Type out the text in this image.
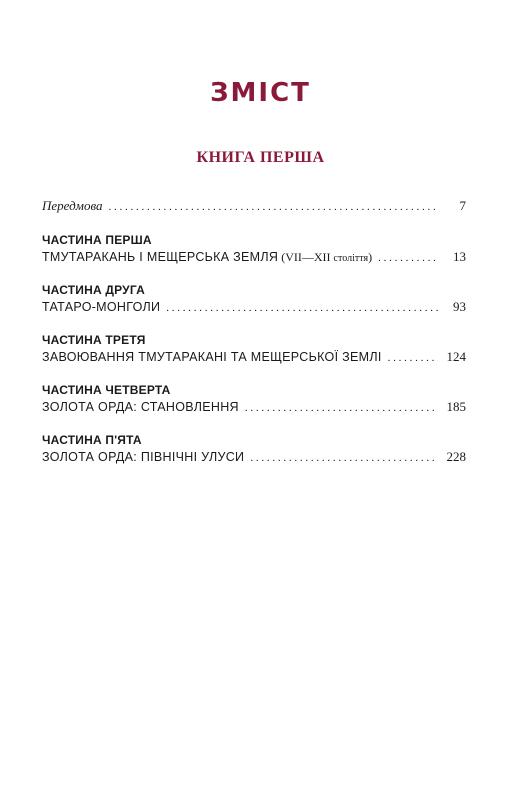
ЗМІСТ
КНИГА ПЕРША
Передмова . . .	7
ЧАСТИНА ПЕРША
ТМУТАРАКАНЬ І МЕЩЕРСЬКА ЗЕМЛЯ (VII—XII століття) . . .	13
ЧАСТИНА ДРУГА
ТАТАРО-МОНГОЛИ . . .	93
ЧАСТИНА ТРЕТЯ
ЗАВОЮВАННЯ ТМУТАРАКАНІ ТА МЕЩЕРСЬКОЇ ЗЕМЛІ . . .	124
ЧАСТИНА ЧЕТВЕРТА
ЗОЛОТА ОРДА: СТАНОВЛЕННЯ . . .	185
ЧАСТИНА П'ЯТА
ЗОЛОТА ОРДА: ПІВНІЧНІ УЛУСИ . . .	228
